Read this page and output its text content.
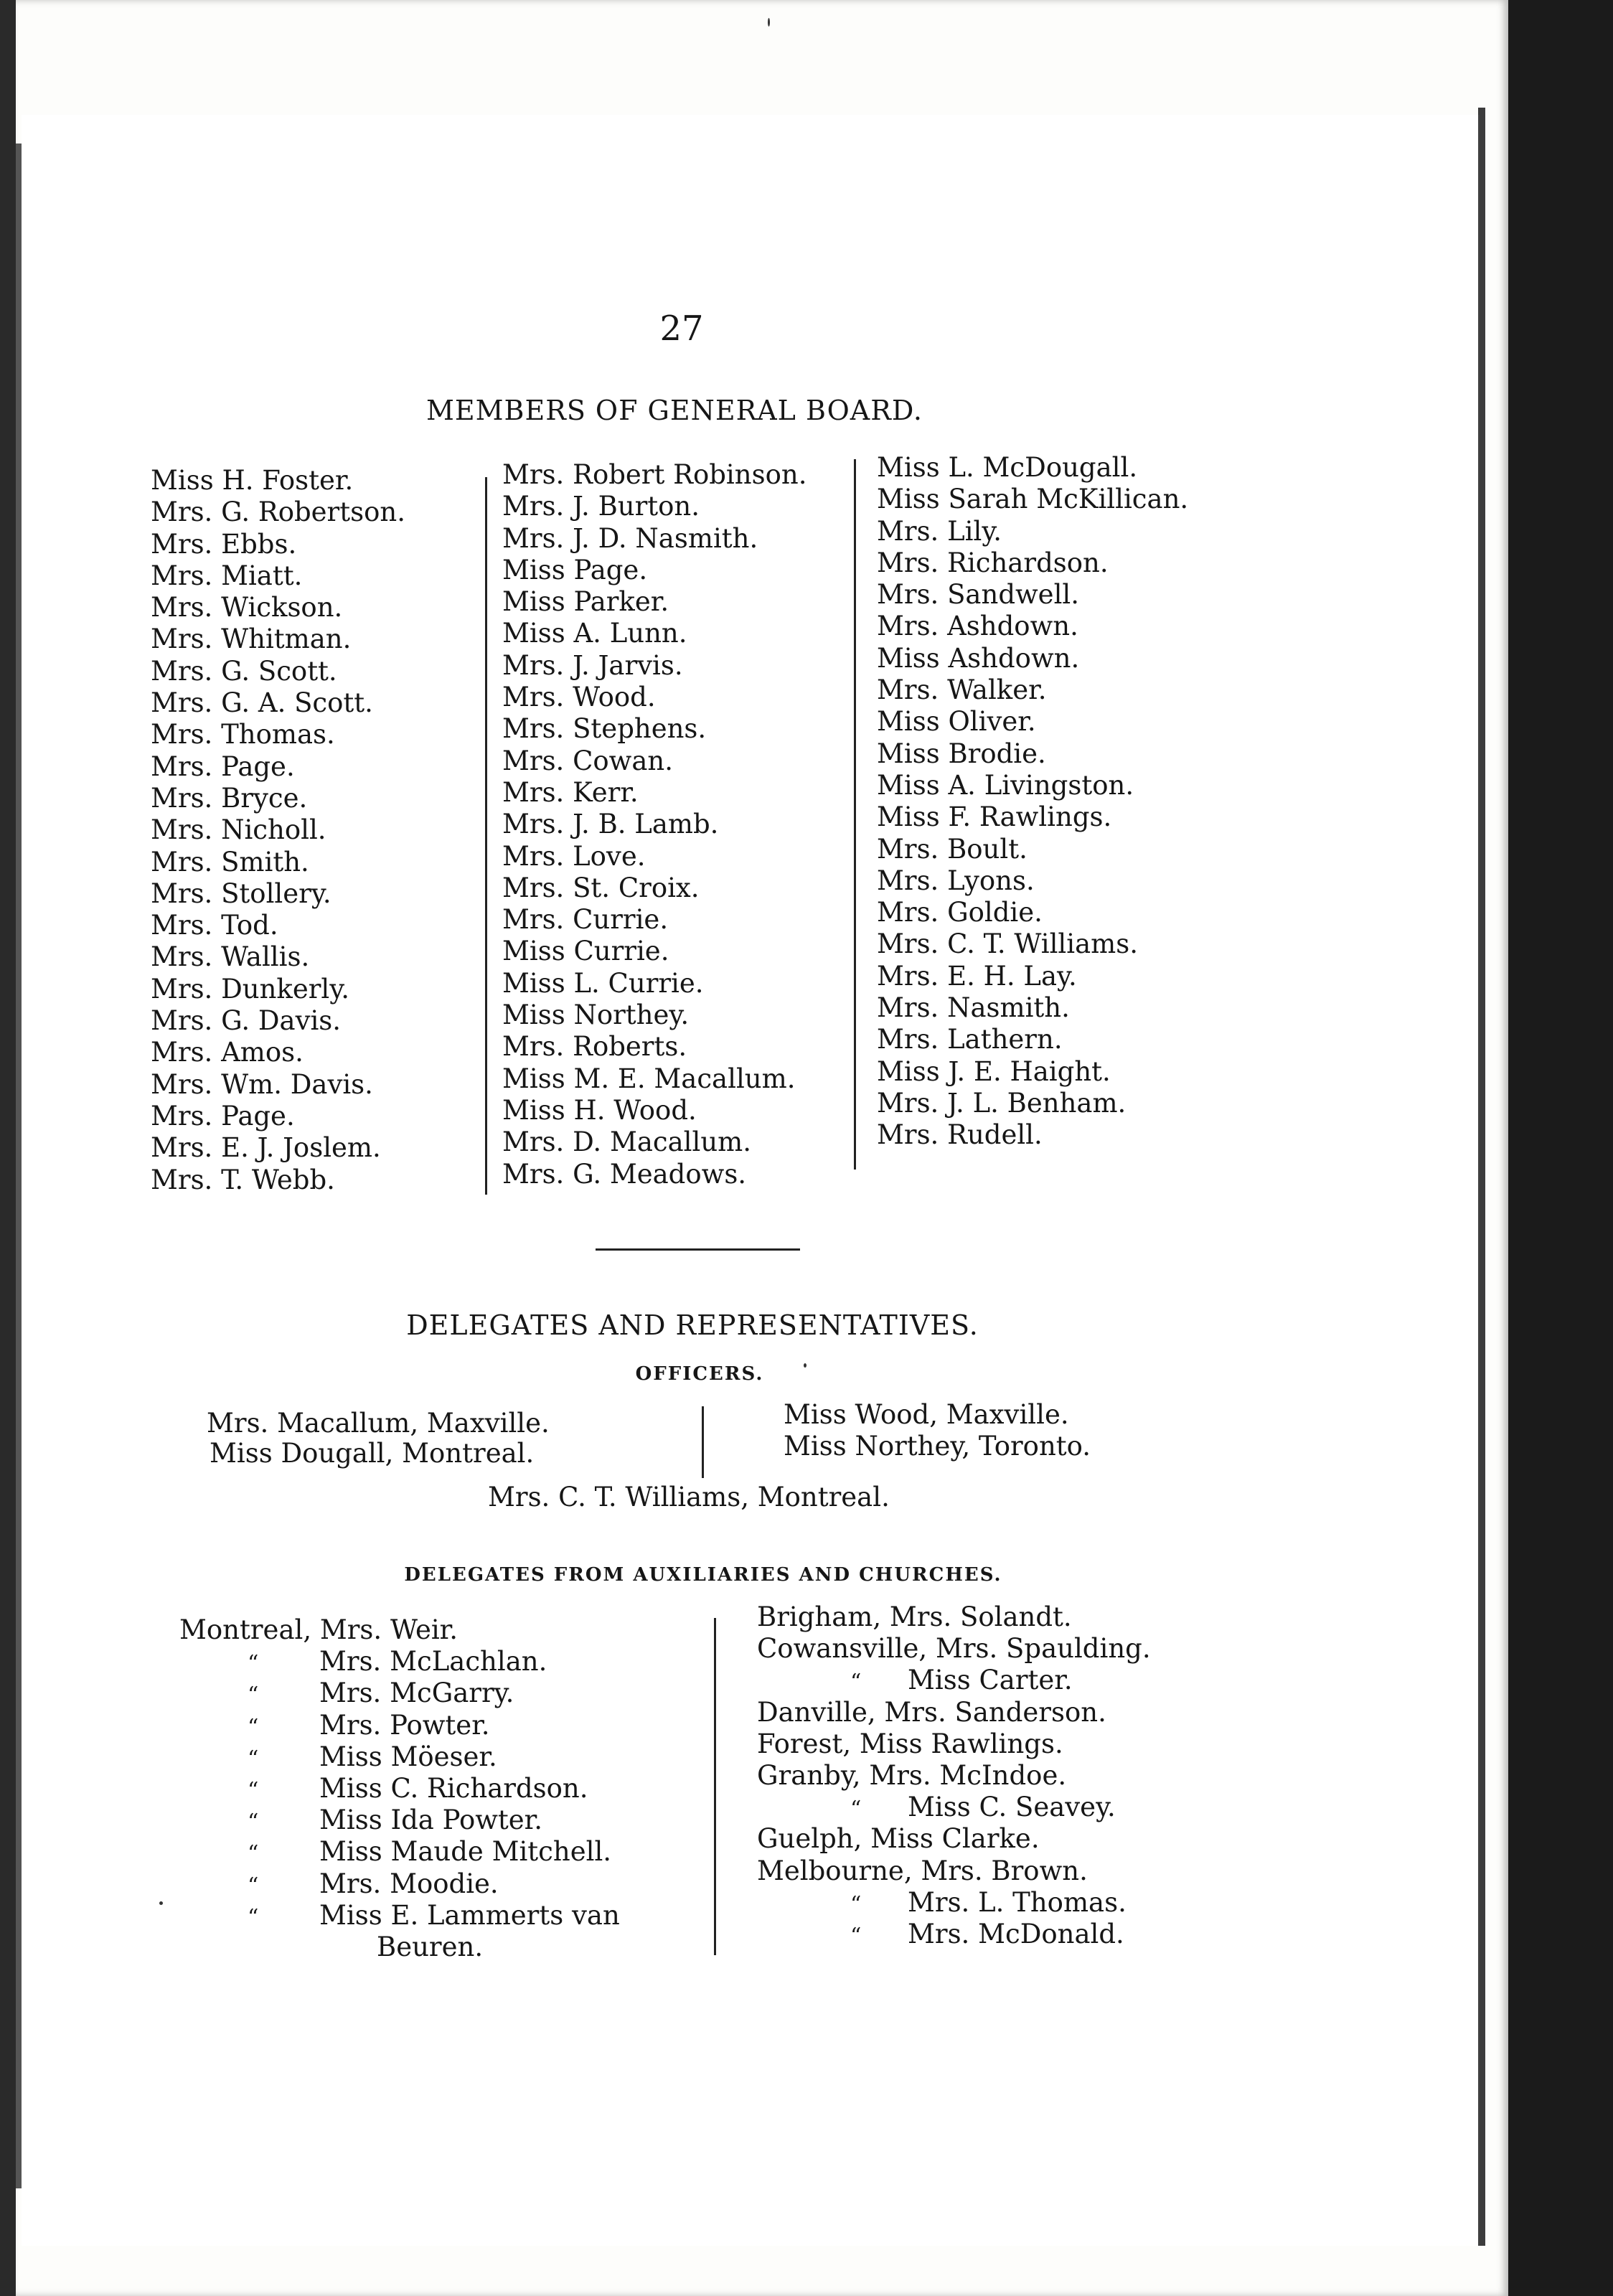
27
MEMBERS OF GENERAL BOARD.
Miss H. Foster.
Mrs. G. Robertson.
Mrs. Ebbs.
Mrs. Miatt.
Mrs. Wickson.
Mrs. Whitman.
Mrs. G. Scott.
Mrs. G. A. Scott.
Mrs. Thomas.
Mrs. Page.
Mrs. Bryce.
Mrs. Nicholl.
Mrs. Smith.
Mrs. Stollery.
Mrs. Tod.
Mrs. Wallis.
Mrs. Dunkerly.
Mrs. G. Davis.
Mrs. Amos.
Mrs. Wm. Davis.
Mrs. Page.
Mrs. E. J. Joslem.
Mrs. T. Webb.
Mrs. Robert Robinson.
Mrs. J. Burton.
Mrs. J. D. Nasmith.
Miss Page.
Miss Parker.
Miss A. Lunn.
Mrs. J. Jarvis.
Mrs. Wood.
Mrs. Stephens.
Mrs. Cowan.
Mrs. Kerr.
Mrs. J. B. Lamb.
Mrs. Love.
Mrs. St. Croix.
Mrs. Currie.
Miss Currie.
Miss L. Currie.
Miss Northey.
Mrs. Roberts.
Miss M. E. Macallum.
Miss H. Wood.
Mrs. D. Macallum.
Mrs. G. Meadows.
Miss L. McDougall.
Miss Sarah McKillican.
Mrs. Lily.
Mrs. Richardson.
Mrs. Sandwell.
Mrs. Ashdown.
Miss Ashdown.
Mrs. Walker.
Miss Oliver.
Miss Brodie.
Miss A. Livingston.
Miss F. Rawlings.
Mrs. Boult.
Mrs. Lyons.
Mrs. Goldie.
Mrs. C. T. Williams.
Mrs. E. H. Lay.
Mrs. Nasmith.
Mrs. Lathern.
Miss J. E. Haight.
Mrs. J. L. Benham.
Mrs. Rudell.
DELEGATES AND REPRESENTATIVES.
OFFICERS.
Mrs. Macallum, Maxville.
Miss Dougall, Montreal.
Miss Wood, Maxville.
Miss Northey, Toronto.
Mrs. C. T. Williams, Montreal.
DELEGATES FROM AUXILIARIES AND CHURCHES.
Montreal, Mrs. Weir.
“ Mrs. McLachlan.
“ Mrs. McGarry.
“ Mrs. Powter.
“ Miss Möeser.
“ Miss C. Richardson.
“ Miss Ida Powter.
“ Miss Maude Mitchell.
“ Mrs. Moodie.
“ Miss E. Lammerts van
Beuren.
Brigham, Mrs. Solandt.
Cowansville, Mrs. Spaulding.
“ Miss Carter.
Danville, Mrs. Sanderson.
Forest, Miss Rawlings.
Granby, Mrs. McIndoe.
“ Miss C. Seavey.
Guelph, Miss Clarke.
Melbourne, Mrs. Brown.
“ Mrs. L. Thomas.
“ Mrs. McDonald.
